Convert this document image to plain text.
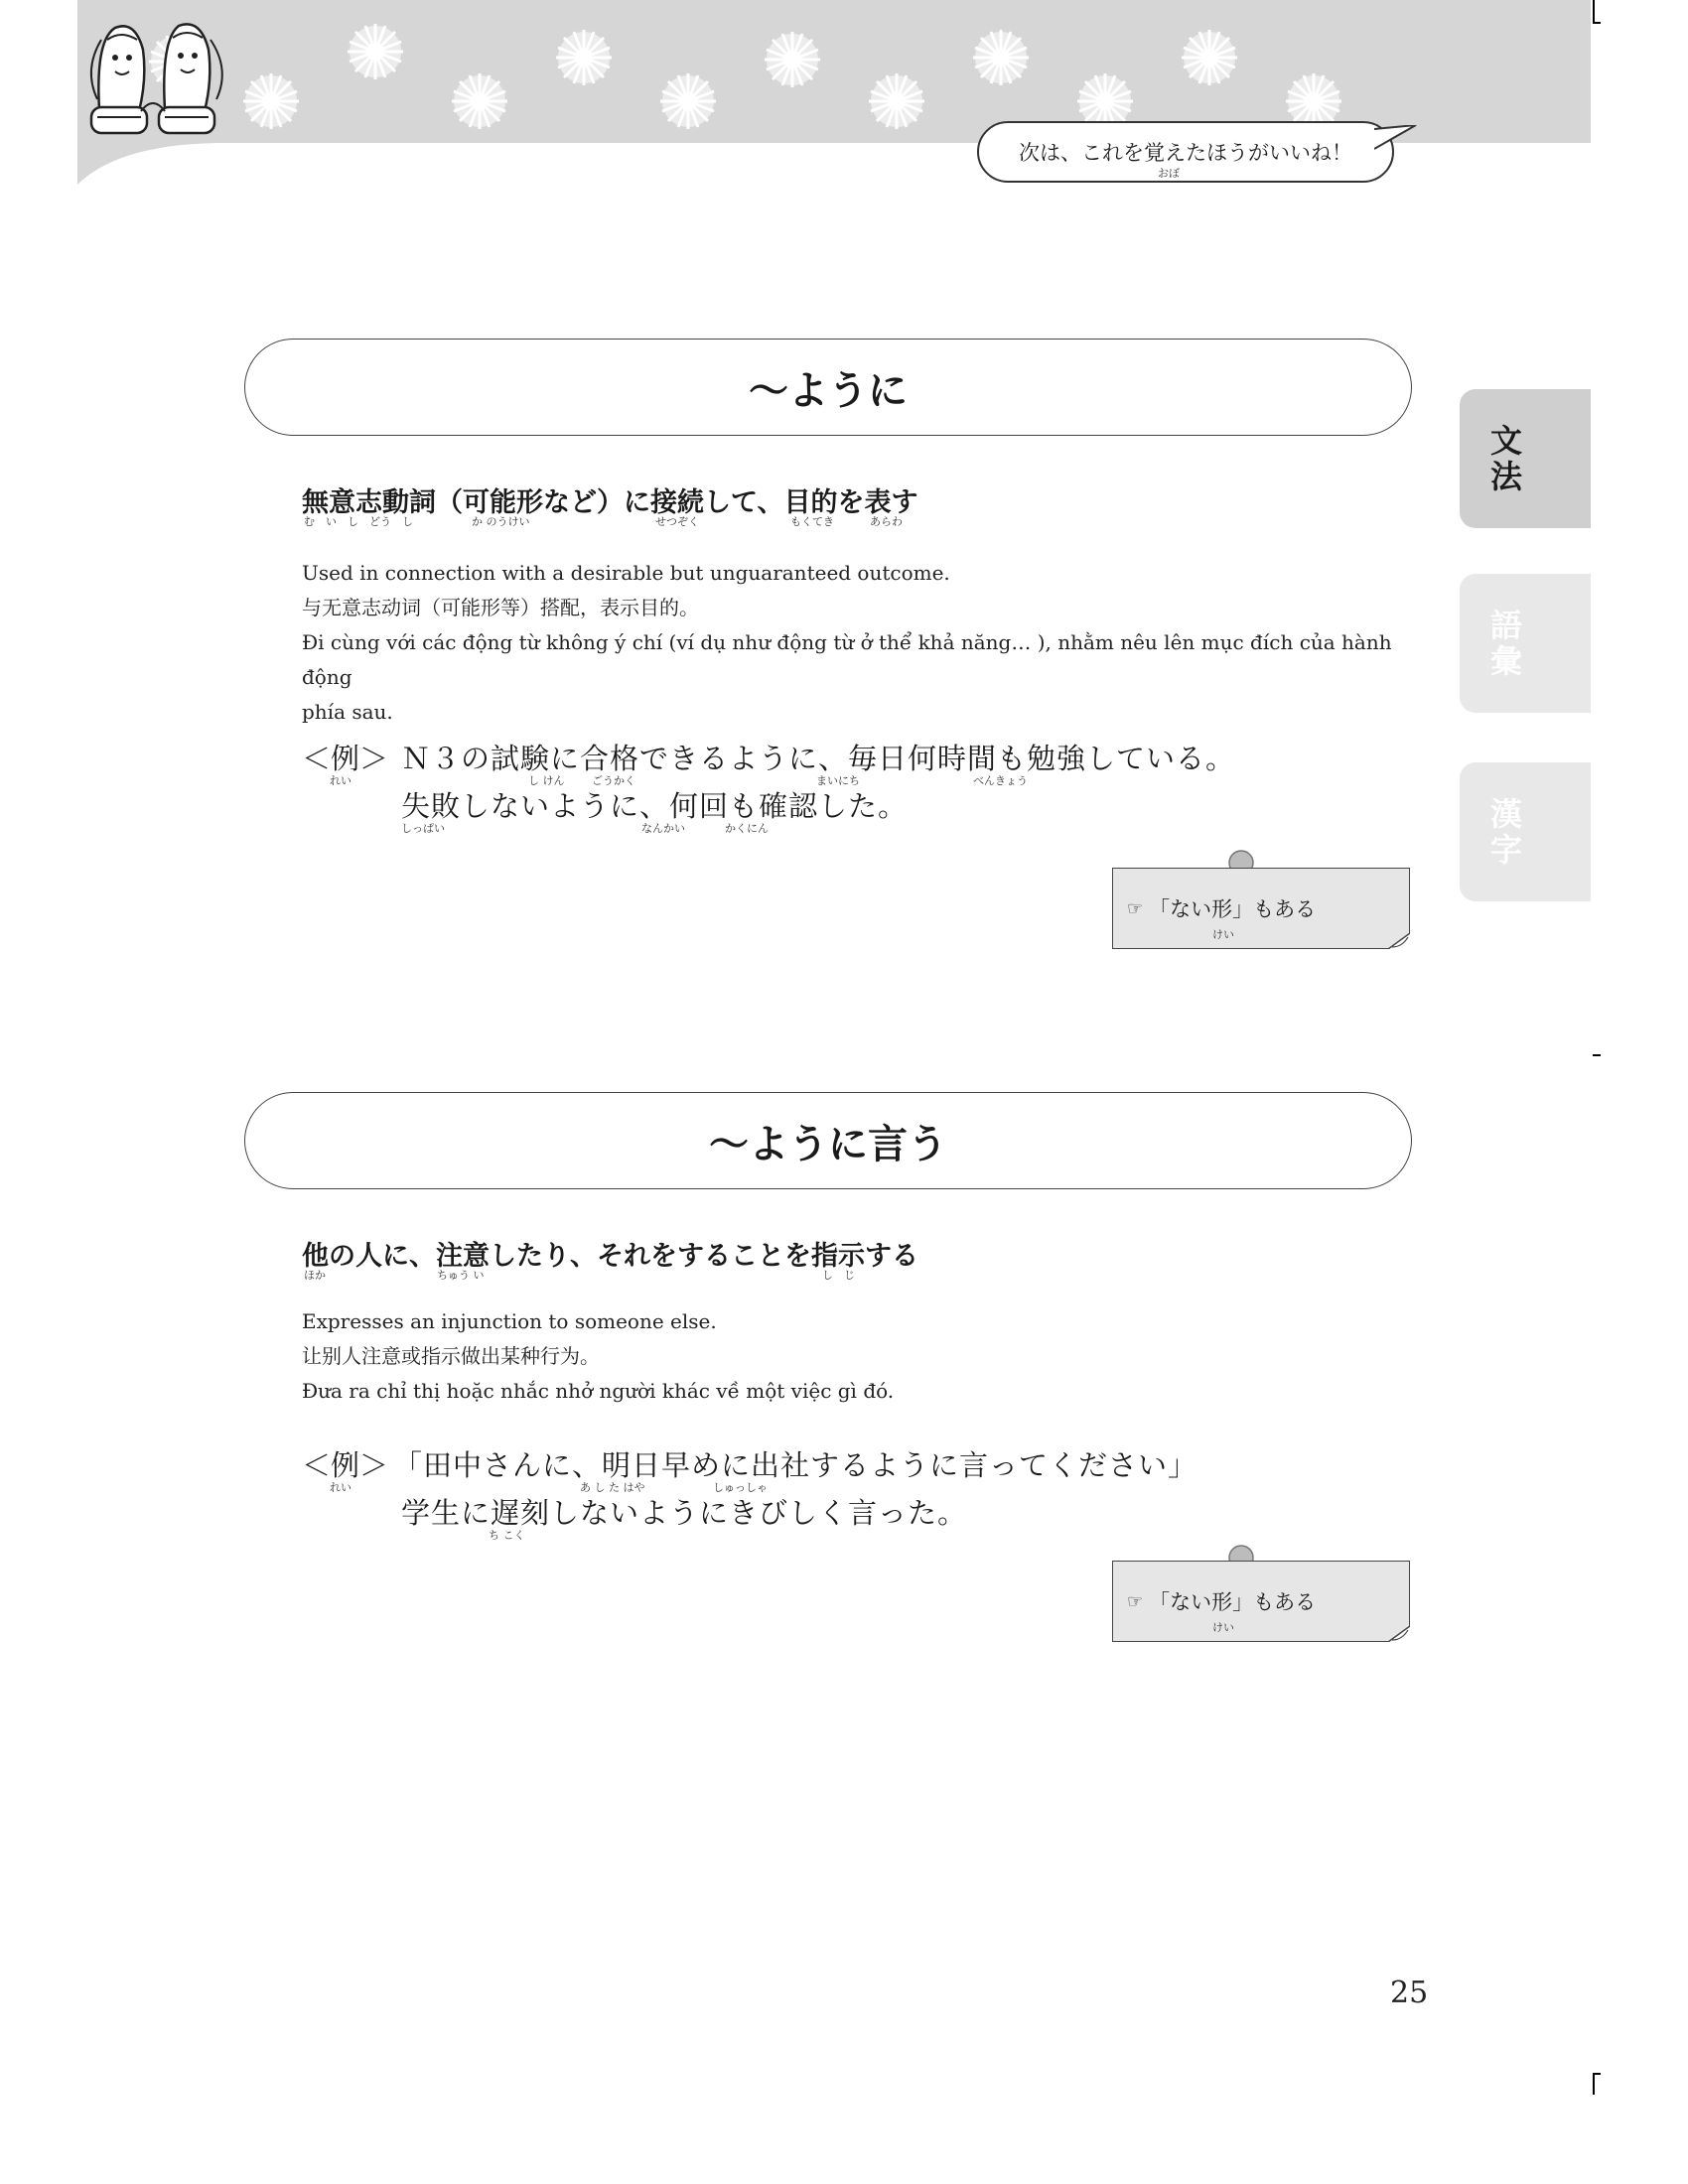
次は、これを覚えたほうがいいね！
おぼ
文
法
語
彙
漢
字
〜ように
無意志動詞（可能形など）に接続して、目的を表す
む　い　し　どう　し	か のうけい	せつぞく	もくてき	あらわ

Used in connection with a desirable but unguaranteed outcome.

与无意志动词（可能形等）搭配，表示目的。

Đi cùng với các động từ không ý chí (ví dụ như động từ ở thể khả năng… ), nhằm nêu lên mục đích của hành động

phía sau.

＜例＞
れい
Ｎ３の試験に合格できるように、毎日何時間も勉強している。
し けん	ごうかく	まいにち	べんきょう
失敗しないように、何回も確認した。
しっぱい	なんかい	かくにん
☞ 「ない形」もある
けい
〜ように言う
他の人に、注意したり、それをすることを指示する
ほか	ちゅう い	し　じ

Expresses an injunction to someone else.

让别人注意或指示做出某种行为。

Đưa ra chỉ thị hoặc nhắc nhở người khác về một việc gì đó.

＜例＞
れい
「田中さんに、明日早めに出社するように言ってください」
あ し た はや	しゅっしゃ
学生に遅刻しないようにきびしく言った。
ち こく
☞ 「ない形」もある
けい
25
